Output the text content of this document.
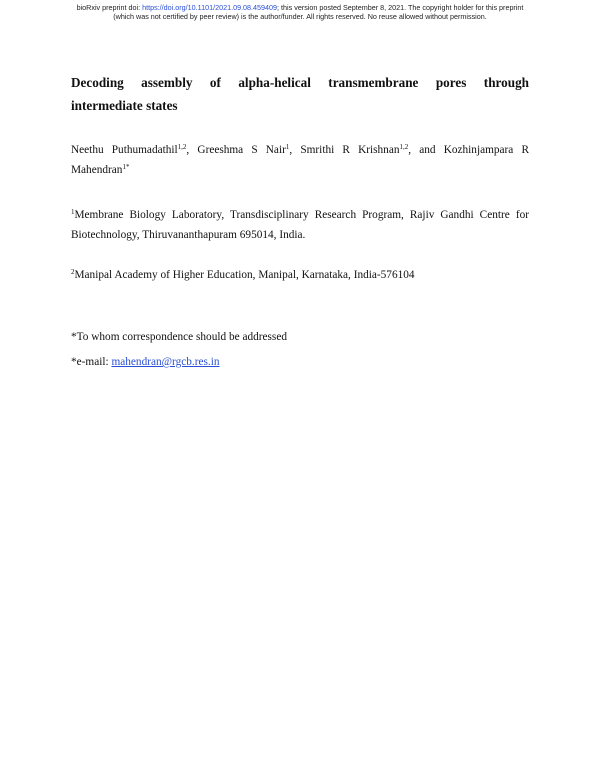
bioRxiv preprint doi: https://doi.org/10.1101/2021.09.08.459409; this version posted September 8, 2021. The copyright holder for this preprint
(which was not certified by peer review) is the author/funder. All rights reserved. No reuse allowed without permission.
Decoding assembly of alpha-helical transmembrane pores through
intermediate states
Neethu Puthumadathil$^{1,2}$, Greeshma S Nair$^1$, Smrithi R Krishnan$^{1,2}$, and Kozhinjampara R
Mahendran$^{1*}$
$^1$Membrane Biology Laboratory, Transdisciplinary Research Program, Rajiv Gandhi Centre for
Biotechnology, Thiruvananthapuram 695014, India.
$^2$Manipal Academy of Higher Education, Manipal, Karnataka, India-576104
*To whom correspondence should be addressed
*e-mail: mahendran@rgcb.res.in
